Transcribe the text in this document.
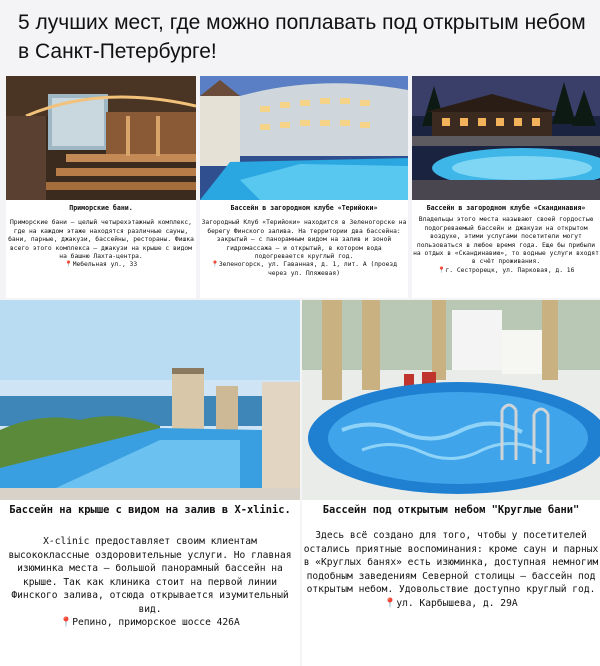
5 лучших мест, где можно поплавать под открытым небом в Санкт-Петербурге!
Приморские бани.
Приморские бани — целый четырехэтажный комплекс, где на каждом этаже находятся различные сауны, бани, парные, джакузи, бассейны, рестораны. Фишка всего этого комплекса — джакузи на крыше с видом на башню Лахта-центра.
📍Мебельная ул., 33
Бассейн в загородном клубе «Терийоки»
Загородный Клуб «Терийоки» находится в Зеленогорске на берегу Финского залива. На территории два бассейна: закрытый — с панорамным видом на залив и зоной гидромассажа — и открытый, в котором вода подогревается круглый год.
📍Зеленогорск, ул. Гаванная, д. 1, лит. А (проезд через ул. Пляжевая)
Бассейн в загородном клубе «Скандинавия»
Владельцы этого места называют своей гордостью подогреваемый бассейн и джакузи на открытом воздухе, этими услугами посетители могут пользоваться в любое время года. Еще бы прибыли на отдых в «Скандинавию», то водные услуги входят в счёт проживания.
📍г. Сестрорецк, ул. Парковая, д. 16
Бассейн на крыше с видом на залив в X-xlinic.
X-clinic предоставляет своим клиентам высококлассные оздоровительные услуги. Но главная изюминка места — большой панорамный бассейн на крыше. Так как клиника стоит на первой линии Финского залива, отсюда открывается изумительный вид.
📍Репино, приморское шоссе 426А
Бассейн под открытым небом "Круглые бани"
Здесь всё создано для того, чтобы у посетителей остались приятные воспоминания: кроме саун и парных в «Круглых банях» есть изюминка, доступная немногим подобным заведениям Северной столицы — бассейн под открытым небом. Удовольствие доступно круглый год.
📍ул. Карбышева, д. 29А
